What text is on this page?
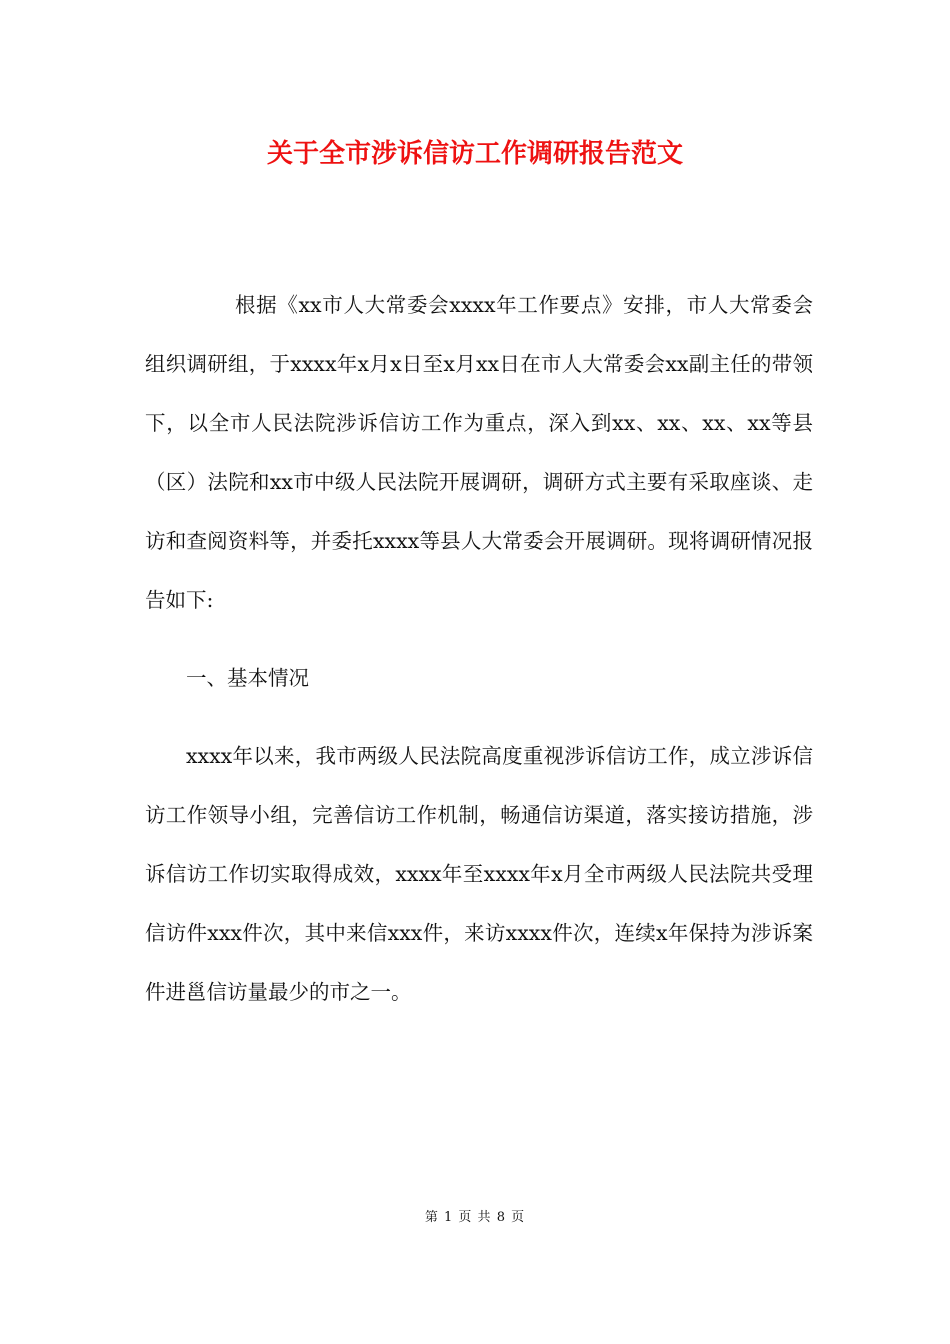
关于全市涉诉信访工作调研报告范文

根据《xx市人大常委会xxxx年工作要点》安排，市人大常委会组织调研组，于xxxx年x月x日至x月xx日在市人大常委会xx副主任的带领下，以全市人民法院涉诉信访工作为重点，深入到xx、xx、xx、xx等县（区）法院和xx市中级人民法院开展调研，调研方式主要有采取座谈、走访和查阅资料等，并委托xxxx等县人大常委会开展调研。现将调研情况报告如下:

一、基本情况

xxxx年以来，我市两级人民法院高度重视涉诉信访工作，成立涉诉信访工作领导小组，完善信访工作机制，畅通信访渠道，落实接访措施，涉诉信访工作切实取得成效，xxxx年至xxxx年x月全市两级人民法院共受理信访件xxx件次，其中来信xxx件，来访xxxx件次，连续x年保持为涉诉案件进邕信访量最少的市之一。

第 1 页 共 8 页
